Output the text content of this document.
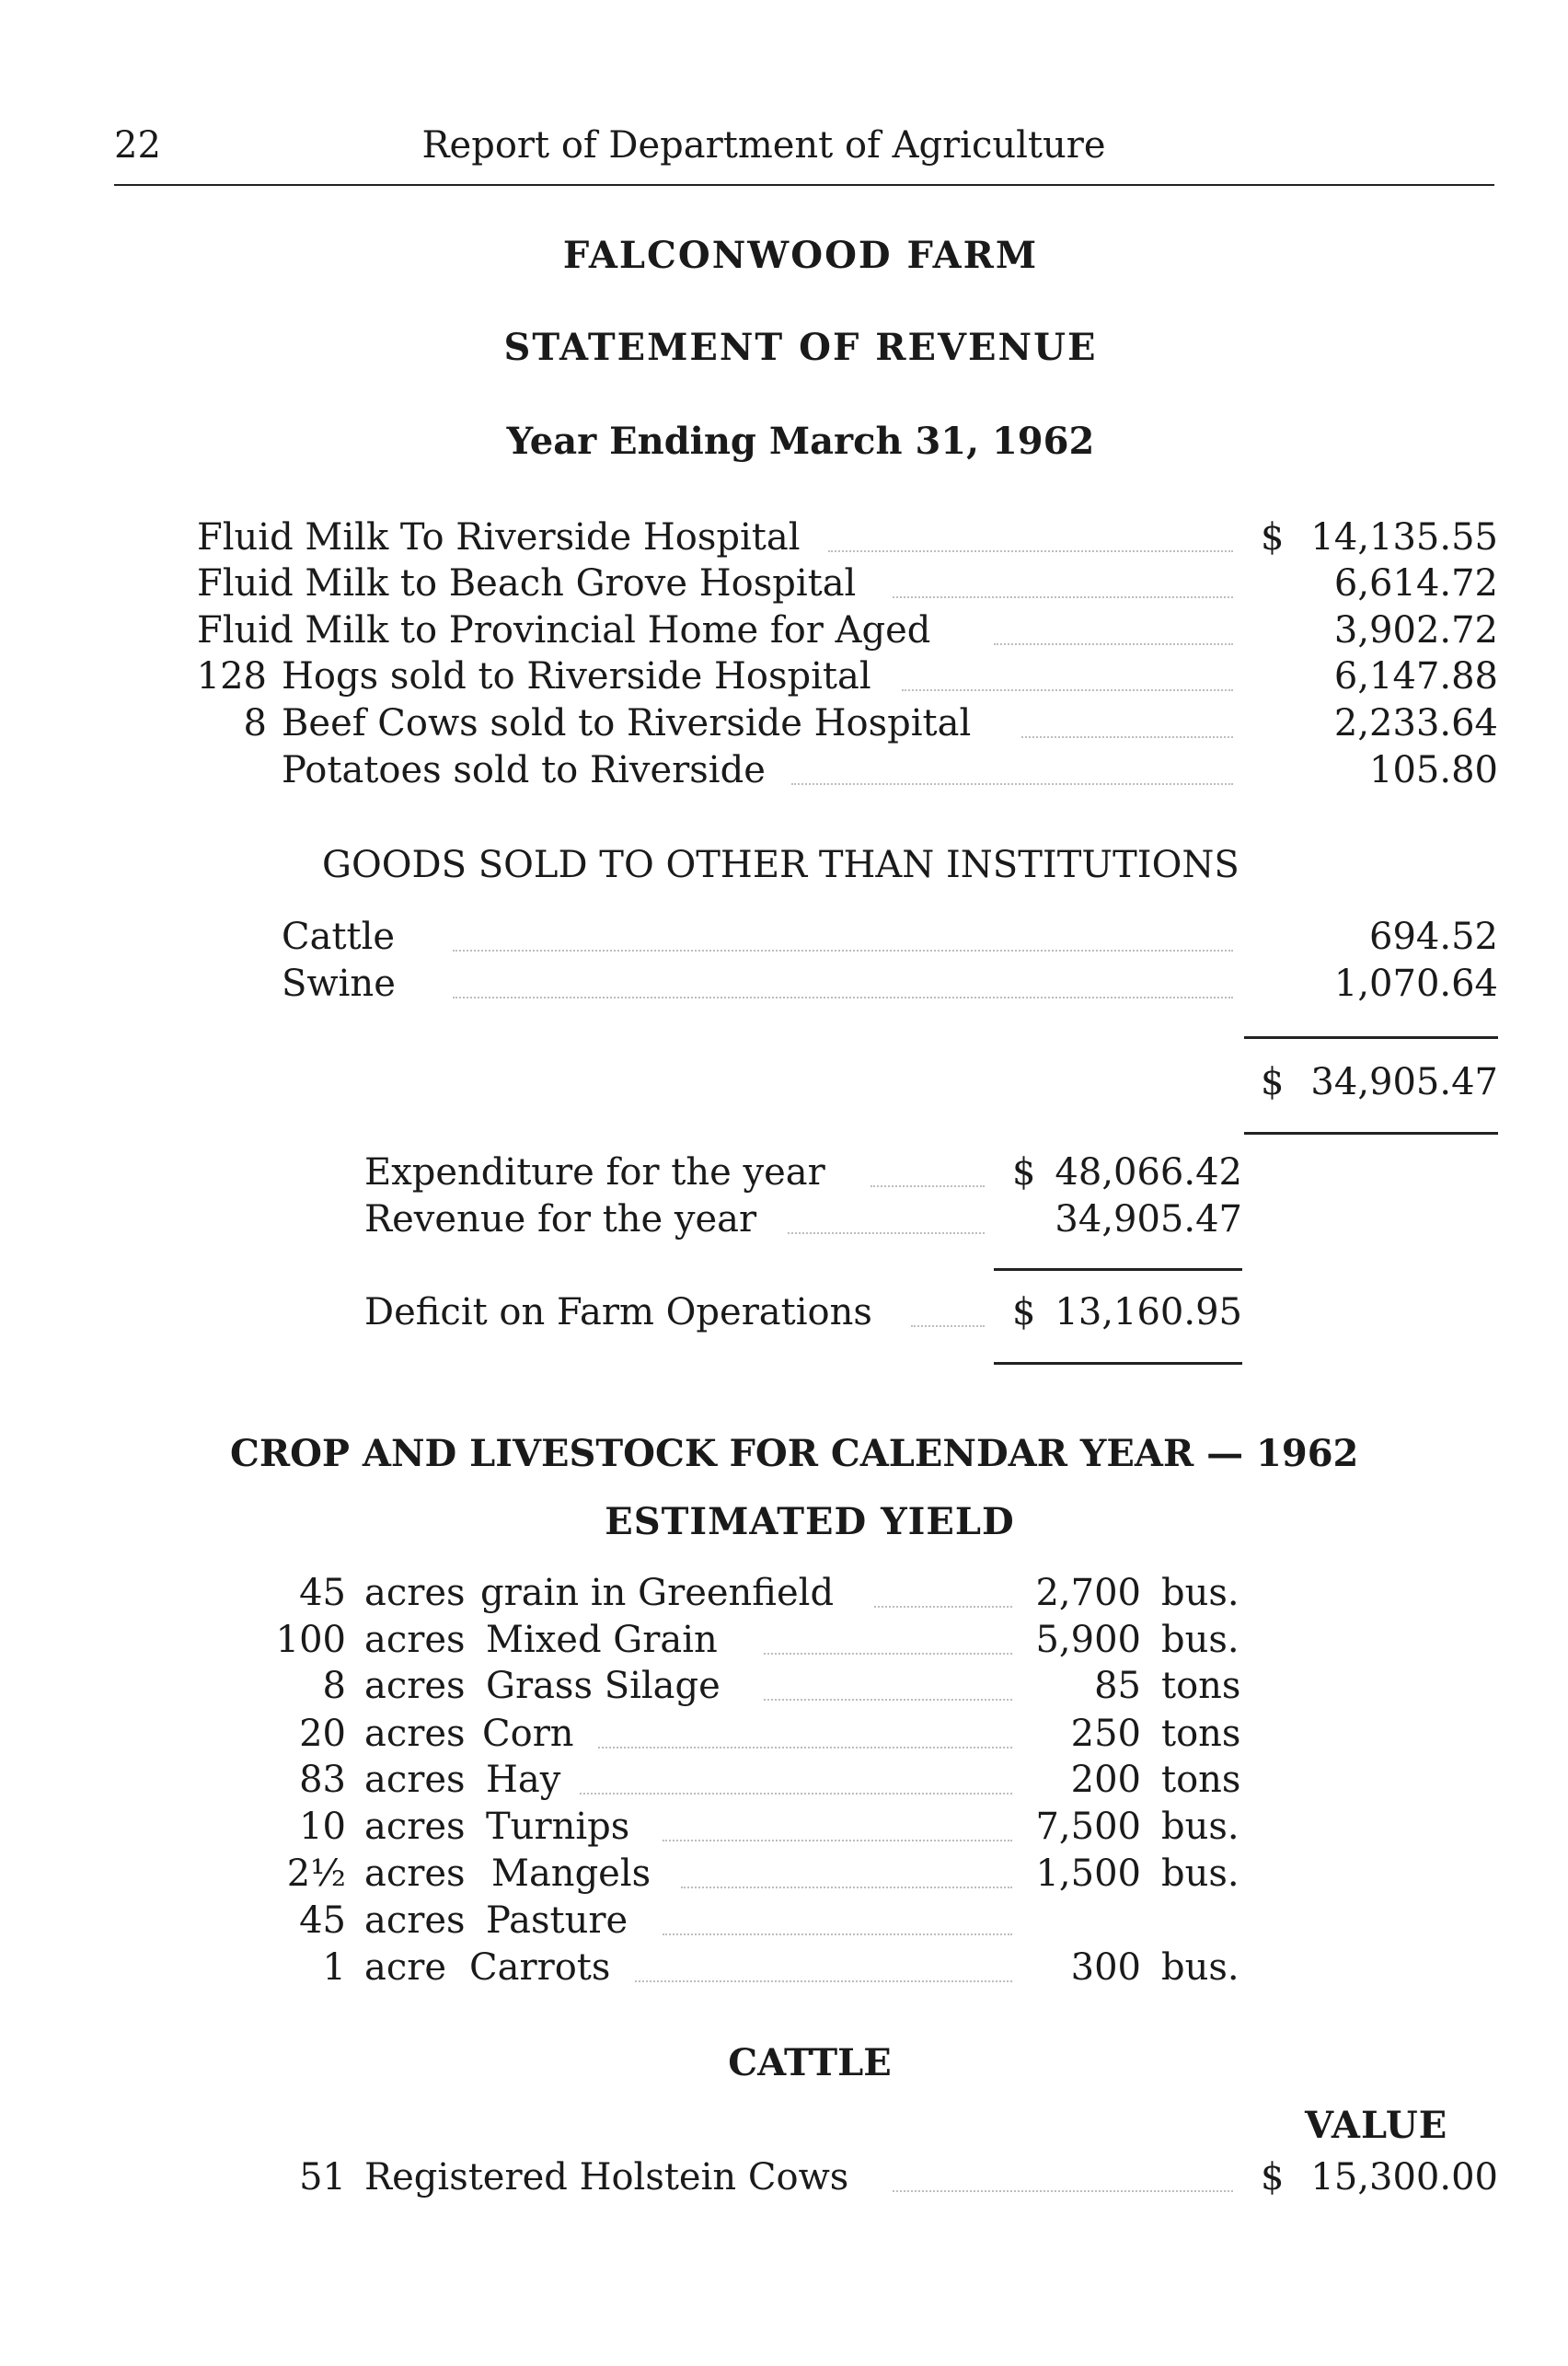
22	Report of Department of Agriculture
FALCONWOOD FARM
STATEMENT OF REVENUE
Year Ending March 31, 1962
Fluid Milk To Riverside Hospital	$ 14,135.55
Fluid Milk to Beach Grove Hospital	6,614.72
Fluid Milk to Provincial Home for Aged	3,902.72
128 Hogs sold to Riverside Hospital	6,147.88
8 Beef Cows sold to Riverside Hospital	2,233.64
Potatoes sold to Riverside	105.80
GOODS SOLD TO OTHER THAN INSTITUTIONS
Cattle	694.52
Swine	1,070.64
$ 34,905.47
Expenditure for the year	$ 48,066.42
Revenue for the year	34,905.47
Deficit on Farm Operations	$ 13,160.95
CROP AND LIVESTOCK FOR CALENDAR YEAR — 1962
ESTIMATED YIELD
45 acres grain in Greenfield	2,700 bus.
100 acres Mixed Grain	5,900 bus.
8 acres Grass Silage	85 tons
20 acres Corn	250 tons
83 acres Hay	200 tons
10 acres Turnips	7,500 bus.
2½ acres Mangels	1,500 bus.
45 acres Pasture
1 acre Carrots	300 bus.
CATTLE
VALUE
51 Registered Holstein Cows	$ 15,300.00
